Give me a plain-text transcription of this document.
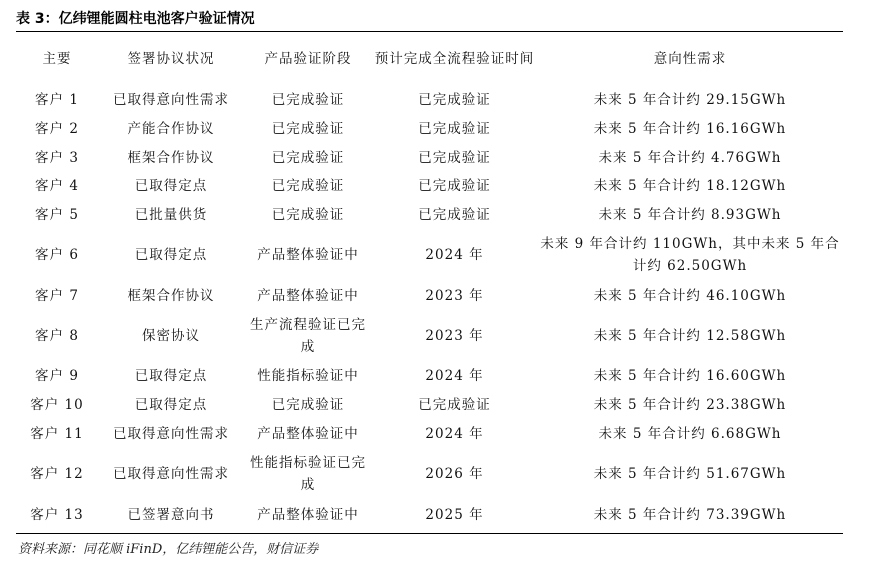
表 3：亿纬锂能圆柱电池客户验证情况
主要	签署协议状况	产品验证阶段	预计完成全流程验证时间	意向性需求
客户 1	已取得意向性需求	已完成验证	已完成验证	未来 5 年合计约 29.15GWh
客户 2	产能合作协议	已完成验证	已完成验证	未来 5 年合计约 16.16GWh
客户 3	框架合作协议	已完成验证	已完成验证	未来 5 年合计约 4.76GWh
客户 4	已取得定点	已完成验证	已完成验证	未来 5 年合计约 18.12GWh
客户 5	已批量供货	已完成验证	已完成验证	未来 5 年合计约 8.93GWh
客户 6	已取得定点	产品整体验证中	2024 年	未来 9 年合计约 110GWh，其中未来 5 年合计约 62.50GWh
客户 7	框架合作协议	产品整体验证中	2023 年	未来 5 年合计约 46.10GWh
客户 8	保密协议	生产流程验证已完成	2023 年	未来 5 年合计约 12.58GWh
客户 9	已取得定点	性能指标验证中	2024 年	未来 5 年合计约 16.60GWh
客户 10	已取得定点	已完成验证	已完成验证	未来 5 年合计约 23.38GWh
客户 11	已取得意向性需求	产品整体验证中	2024 年	未来 5 年合计约 6.68GWh
客户 12	已取得意向性需求	性能指标验证已完成	2026 年	未来 5 年合计约 51.67GWh
客户 13	已签署意向书	产品整体验证中	2025 年	未来 5 年合计约 73.39GWh
资料来源：同花顺 iFinD，亿纬锂能公告，财信证券
